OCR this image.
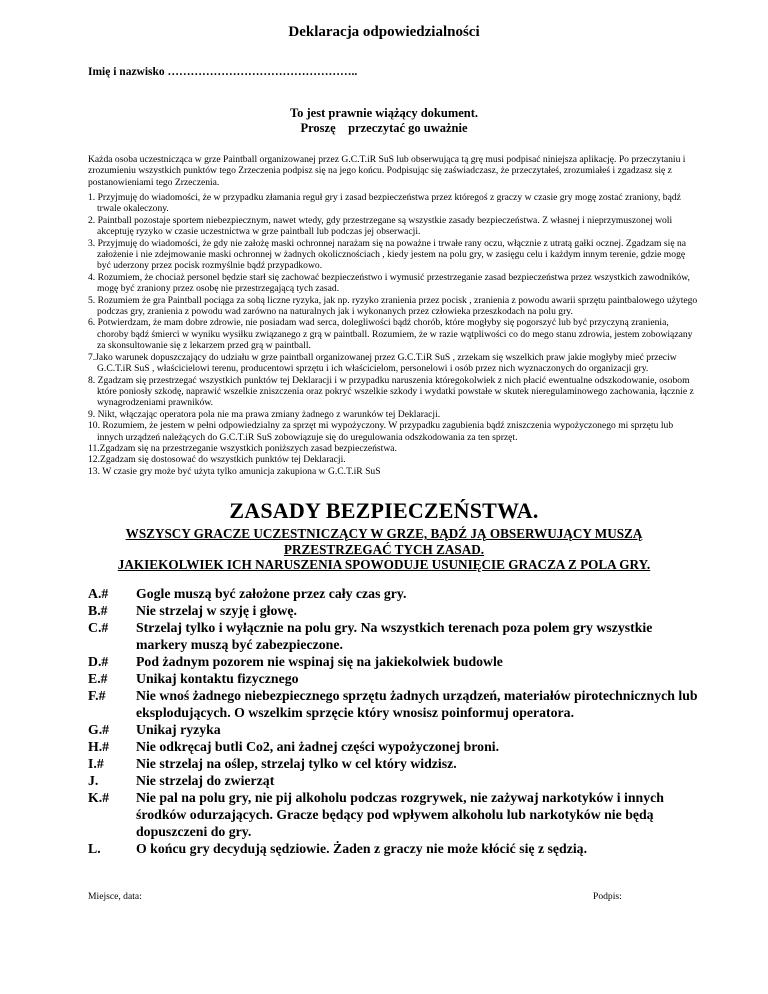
Deklaracja odpowiedzialności
Imię i nazwisko …………………………………………..
To jest prawnie wiążący dokument.
Proszę    przeczytać go uważnie
Każda osoba uczestnicząca w grze Paintball organizowanej przez G.C.T.iR SuS lub obserwująca tą grę musi podpisać niniejsza aplikację. Po przeczytaniu i zrozumieniu wszystkich punktów tego Zrzeczenia podpisz się na jego końcu. Podpisując się zaświadczasz, że przeczytałeś, zrozumiałeś i zgadzasz się z postanowieniami tego Zrzeczenia.
1. Przyjmuję do wiadomości, że w przypadku złamania reguł gry i zasad bezpieczeństwa przez któregoś z graczy w czasie gry mogę zostać zraniony, bądź trwale okaleczony.
2. Paintball pozostaje sportem niebezpiecznym, nawet wtedy, gdy przestrzegane są wszystkie zasady bezpieczeństwa. Z własnej i nieprzymuszonej woli akceptuję ryzyko w czasie uczestnictwa w grze paintball lub podczas jej obserwacji.
3. Przyjmuję do wiadomości, że gdy nie założę maski ochronnej narażam się na poważne i trwałe rany oczu, włącznie z utratą gałki ocznej. Zgadzam się na założenie i nie zdejmowanie maski ochronnej w żadnych okolicznościach , kiedy jestem na polu gry, w zasięgu celu i każdym innym terenie, gdzie mogę być uderzony przez pocisk rozmyślnie bądź przypadkowo.
4. Rozumiem, że chociaż personel będzie starł się zachować bezpieczeństwo i wymusić przestrzeganie zasad bezpieczeństwa przez wszystkich zawodników, mogę być zraniony przez osobę nie przestrzegającą tych zasad.
5. Rozumiem że gra Paintball pociąga za sobą liczne ryzyka, jak np. ryzyko zranienia przez pocisk , zranienia z powodu awarii sprzętu paintbalowego użytego podczas gry, zranienia z powodu wad zarówno na naturalnych jak i wykonanych przez człowieka przeszkodach na polu gry.
6. Potwierdzam, że mam dobre zdrowie, nie posiadam wad serca, dolegliwości bądź chorób, które mogłyby się pogorszyć lub być przyczyną zranienia, choroby bądź śmierci w wyniku wysiłku związanego z grą w paintball. Rozumiem, że w razie wątpliwości co do mego stanu zdrowia, jestem zobowiązany za skonsultowanie się z lekarzem przed grą w paintball.
7.Jako warunek dopuszczający do udziału w grze paintball organizowanej przez G.C.T.iR SuS , zrzekam się wszelkich praw jakie mogłyby mieć przeciw G.C.T.iR SuS , właścicielowi terenu, producentowi sprzętu i ich właścicielom, personelowi i osób przez nich wyznaczonych do organizacji gry.
8. Zgadzam się przestrzegać wszystkich punktów tej Deklaracji i w przypadku naruszenia któregokolwiek z nich płacić ewentualne odszkodowanie, osobom które poniosły szkodę, naprawić wszelkie zniszczenia oraz pokryć wszelkie szkody i wydatki powstałe w skutek nieregulaminowego zachowania, łącznie z wynagrodzeniami prawników.
9. Nikt, włączając operatora pola nie ma prawa zmiany żadnego z warunków tej Deklaracji.
10. Rozumiem, że jestem w pełni odpowiedzialny za sprzęt mi wypożyczony. W przypadku zagubienia bądź zniszczenia wypożyczonego mi sprzętu lub innych urządzeń należących do G.C.T.iR SuS zobowiązuje się do uregulowania odszkodowania za ten sprzęt.
11.Zgadzam się na przestrzeganie wszystkich poniższych zasad bezpieczeństwa.
12.Zgadzam się dostosować do wszystkich punktów tej Deklaracji.
13. W czasie gry może być użyta tylko amunicja zakupiona w G.C.T.iR SuS
ZASADY BEZPIECZEŃSTWA.
WSZYSCY GRACZE UCZESTNICZĄCY W GRZE, BĄDŹ JĄ OBSERWUJĄCY MUSZĄ
PRZESTRZEGAĆ TYCH ZASAD.
JAKIEKOLWIEK ICH NARUSZENIA SPOWODUJE USUNIĘCIE GRACZA Z POLA GRY.
A.# Gogle muszą być założone przez cały czas gry.
B.# Nie strzelaj w szyję i głowę.
C.# Strzelaj tylko i wyłącznie na polu gry. Na wszystkich terenach poza polem gry wszystkie markery muszą być zabezpieczone.
D.# Pod żadnym pozorem nie wspinaj się na jakiekolwiek budowle
E.# Unikaj kontaktu fizycznego
F.# Nie wnoś żadnego niebezpiecznego sprzętu żadnych urządzeń, materiałów pirotechnicznych lub eksplodujących. O wszelkim sprzęcie który wnosisz poinformuj operatora.
G.# Unikaj ryzyka
H.# Nie odkręcaj butli Co2, ani żadnej części wypożyczonej broni.
I.# Nie strzelaj na oślep, strzelaj tylko w cel który widzisz.
J.	Nie strzelaj do zwierząt
K.# Nie pal na polu gry, nie pij alkoholu podczas rozgrywek, nie zażywaj narkotyków i innych środków odurzających. Gracze będący pod wpływem alkoholu lub narkotyków nie będą dopuszczeni do gry.
L.	O końcu gry decydują sędziowie. Żaden z graczy nie może kłócić się z sędzią.
Miejsce, data:	Podpis:
